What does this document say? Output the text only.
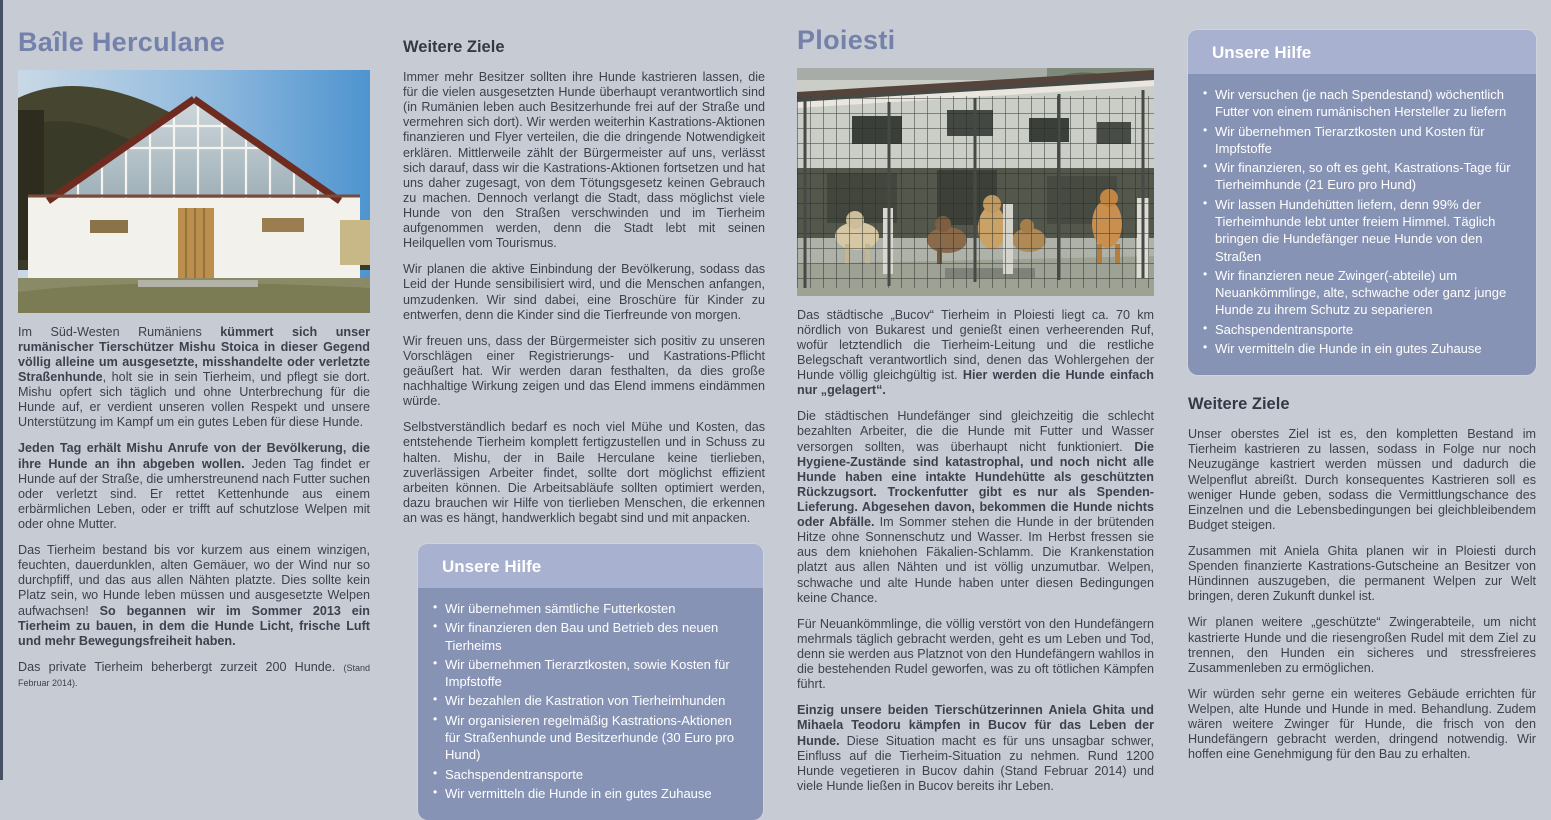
Baîle Herculane

Im Süd-Westen Rumäniens kümmert sich unser rumänischer Tierschützer Mishu Stoica in dieser Gegend völlig alleine um ausgesetzte, misshandelte oder verletzte Straßenhunde, holt sie in sein Tierheim, und pflegt sie dort. Mishu opfert sich täglich und ohne Unterbrechung für die Hunde auf, er verdient unseren vollen Respekt und unsere Unterstützung im Kampf um ein gutes Leben für diese Hunde.

Jeden Tag erhält Mishu Anrufe von der Bevölkerung, die ihre Hunde an ihn abgeben wollen. Jeden Tag findet er Hunde auf der Straße, die umherstreunend nach Futter suchen oder verletzt sind. Er rettet Kettenhunde aus einem erbärmlichen Leben, oder er trifft auf schutzlose Welpen mit oder ohne Mutter.

Das Tierheim bestand bis vor kurzem aus einem winzigen, feuchten, dauerdunklen, alten Gemäuer, wo der Wind nur so durchpfiff, und das aus allen Nähten platzte. Dies sollte kein Platz sein, wo Hunde leben müssen und ausgesetzte Welpen aufwachsen! So begannen wir im Sommer 2013 ein Tierheim zu bauen, in dem die Hunde Licht, frische Luft und mehr Bewegungsfreiheit haben.

Das private Tierheim beherbergt zurzeit 200 Hunde. (Stand Februar 2014).

Weitere Ziele

Immer mehr Besitzer sollten ihre Hunde kastrieren lassen, die für die vielen ausgesetzten Hunde überhaupt verantwortlich sind (in Rumänien leben auch Besitzerhunde frei auf der Straße und vermehren sich dort). Wir werden weiterhin Kastrations-Aktionen finanzieren und Flyer verteilen, die die dringende Notwendigkeit erklären. Mittlerweile zählt der Bürgermeister auf uns, verlässt sich darauf, dass wir die Kastrations-Aktionen fortsetzen und hat uns daher zugesagt, von dem Tötungsgesetz keinen Gebrauch zu machen. Dennoch verlangt die Stadt, dass möglichst viele Hunde von den Straßen verschwinden und im Tierheim aufgenommen werden, denn die Stadt lebt mit seinen Heilquellen vom Tourismus.

Wir planen die aktive Einbindung der Bevölkerung, sodass das Leid der Hunde sensibilisiert wird, und die Menschen anfangen, umzudenken. Wir sind dabei, eine Broschüre für Kinder zu entwerfen, denn die Kinder sind die Tierfreunde von morgen.

Wir freuen uns, dass der Bürgermeister sich positiv zu unseren Vorschlägen einer Registrierungs- und Kastrations-Pflicht geäußert hat. Wir werden daran festhalten, da dies große nachhaltige Wirkung zeigen und das Elend immens eindämmen würde.

Selbstverständlich bedarf es noch viel Mühe und Kosten, das entstehende Tierheim komplett fertigzustellen und in Schuss zu halten. Mishu, der in Baile Herculane keine tierlieben, zuverlässigen Arbeiter findet, sollte dort möglichst effizient arbeiten können. Die Arbeitsabläufe sollten optimiert werden, dazu brauchen wir Hilfe von tierlieben Menschen, die erkennen an was es hängt, handwerklich begabt sind und mit anpacken.

Unsere Hilfe
• Wir übernehmen sämtliche Futterkosten
• Wir finanzieren den Bau und Betrieb des neuen Tierheims
• Wir übernehmen Tierarztkosten, sowie Kosten für Impfstoffe
• Wir bezahlen die Kastration von Tierheimhunden
• Wir organisieren regelmäßig Kastrations-Aktionen für Straßenhunde und Besitzerhunde (30 Euro pro Hund)
• Sachspendentransporte
• Wir vermitteln die Hunde in ein gutes Zuhause
Ploiesti

Das städtische „Bucov“ Tierheim in Ploiesti liegt ca. 70 km nördlich von Bukarest und genießt einen verheerenden Ruf, wofür letztendlich die Tierheim-Leitung und die restliche Belegschaft verantwortlich sind, denen das Wohlergehen der Hunde völlig gleichgültig ist. Hier werden die Hunde einfach nur „gelagert“.

Die städtischen Hundefänger sind gleichzeitig die schlecht bezahlten Arbeiter, die die Hunde mit Futter und Wasser versorgen sollten, was überhaupt nicht funktioniert. Die Hygiene-Zustände sind katastrophal, und noch nicht alle Hunde haben eine intakte Hundehütte als geschützten Rückzugsort. Trockenfutter gibt es nur als Spenden-Lieferung. Abgesehen davon, bekommen die Hunde nichts oder Abfälle. Im Sommer stehen die Hunde in der brütenden Hitze ohne Sonnenschutz und Wasser. Im Herbst fressen sie aus dem kniehohen Fäkalien-Schlamm. Die Krankenstation platzt aus allen Nähten und ist völlig unzumutbar. Welpen, schwache und alte Hunde haben unter diesen Bedingungen keine Chance.

Für Neuankömmlinge, die völlig verstört von den Hundefängern mehrmals täglich gebracht werden, geht es um Leben und Tod, denn sie werden aus Platznot von den Hundefängern wahllos in die bestehenden Rudel geworfen, was zu oft tötlichen Kämpfen führt.

Einzig unsere beiden Tierschützerinnen Aniela Ghita und Mihaela Teodoru kämpfen in Bucov für das Leben der Hunde. Diese Situation macht es für uns unsagbar schwer, Einfluss auf die Tierheim-Situation zu nehmen. Rund 1200 Hunde vegetieren in Bucov dahin (Stand Februar 2014) und viele Hunde ließen in Bucov bereits ihr Leben.

Unsere Hilfe
• Wir versuchen (je nach Spendestand) wöchentlich Futter von einem rumänischen Hersteller zu liefern
• Wir übernehmen Tierarztkosten und Kosten für Impfstoffe
• Wir finanzieren, so oft es geht, Kastrations-Tage für Tierheimhunde (21 Euro pro Hund)
• Wir lassen Hundehütten liefern, denn 99% der Tierheimhunde lebt unter freiem Himmel. Täglich bringen die Hundefänger neue Hunde von den Straßen
• Wir finanzieren neue Zwinger(-abteile) um Neuankömmlinge, alte, schwache oder ganz junge Hunde zu ihrem Schutz zu separieren
• Sachspendentransporte
• Wir vermitteln die Hunde in ein gutes Zuhause
Weitere Ziele

Unser oberstes Ziel ist es, den kompletten Bestand im Tierheim kastrieren zu lassen, sodass in Folge nur noch Neuzugänge kastriert werden müssen und dadurch die Welpenflut abreißt. Durch konsequentes Kastrieren soll es weniger Hunde geben, sodass die Vermittlungschance des Einzelnen und die Lebensbedingungen bei gleichbleibendem Budget steigen.

Zusammen mit Aniela Ghita planen wir in Ploiesti durch Spenden finanzierte Kastrations-Gutscheine an Besitzer von Hündinnen auszugeben, die permanent Welpen zur Welt bringen, deren Zukunft dunkel ist.

Wir planen weitere „geschützte“ Zwingerabteile, um nicht kastrierte Hunde und die riesengroßen Rudel mit dem Ziel zu trennen, den Hunden ein sicheres und stressfreieres Zusammenleben zu ermöglichen.

Wir würden sehr gerne ein weiteres Gebäude errichten für Welpen, alte Hunde und Hunde in med. Behandlung. Zudem wären weitere Zwinger für Hunde, die frisch von den Hundefängern gebracht werden, dringend notwendig. Wir hoffen eine Genehmigung für den Bau zu erhalten.
